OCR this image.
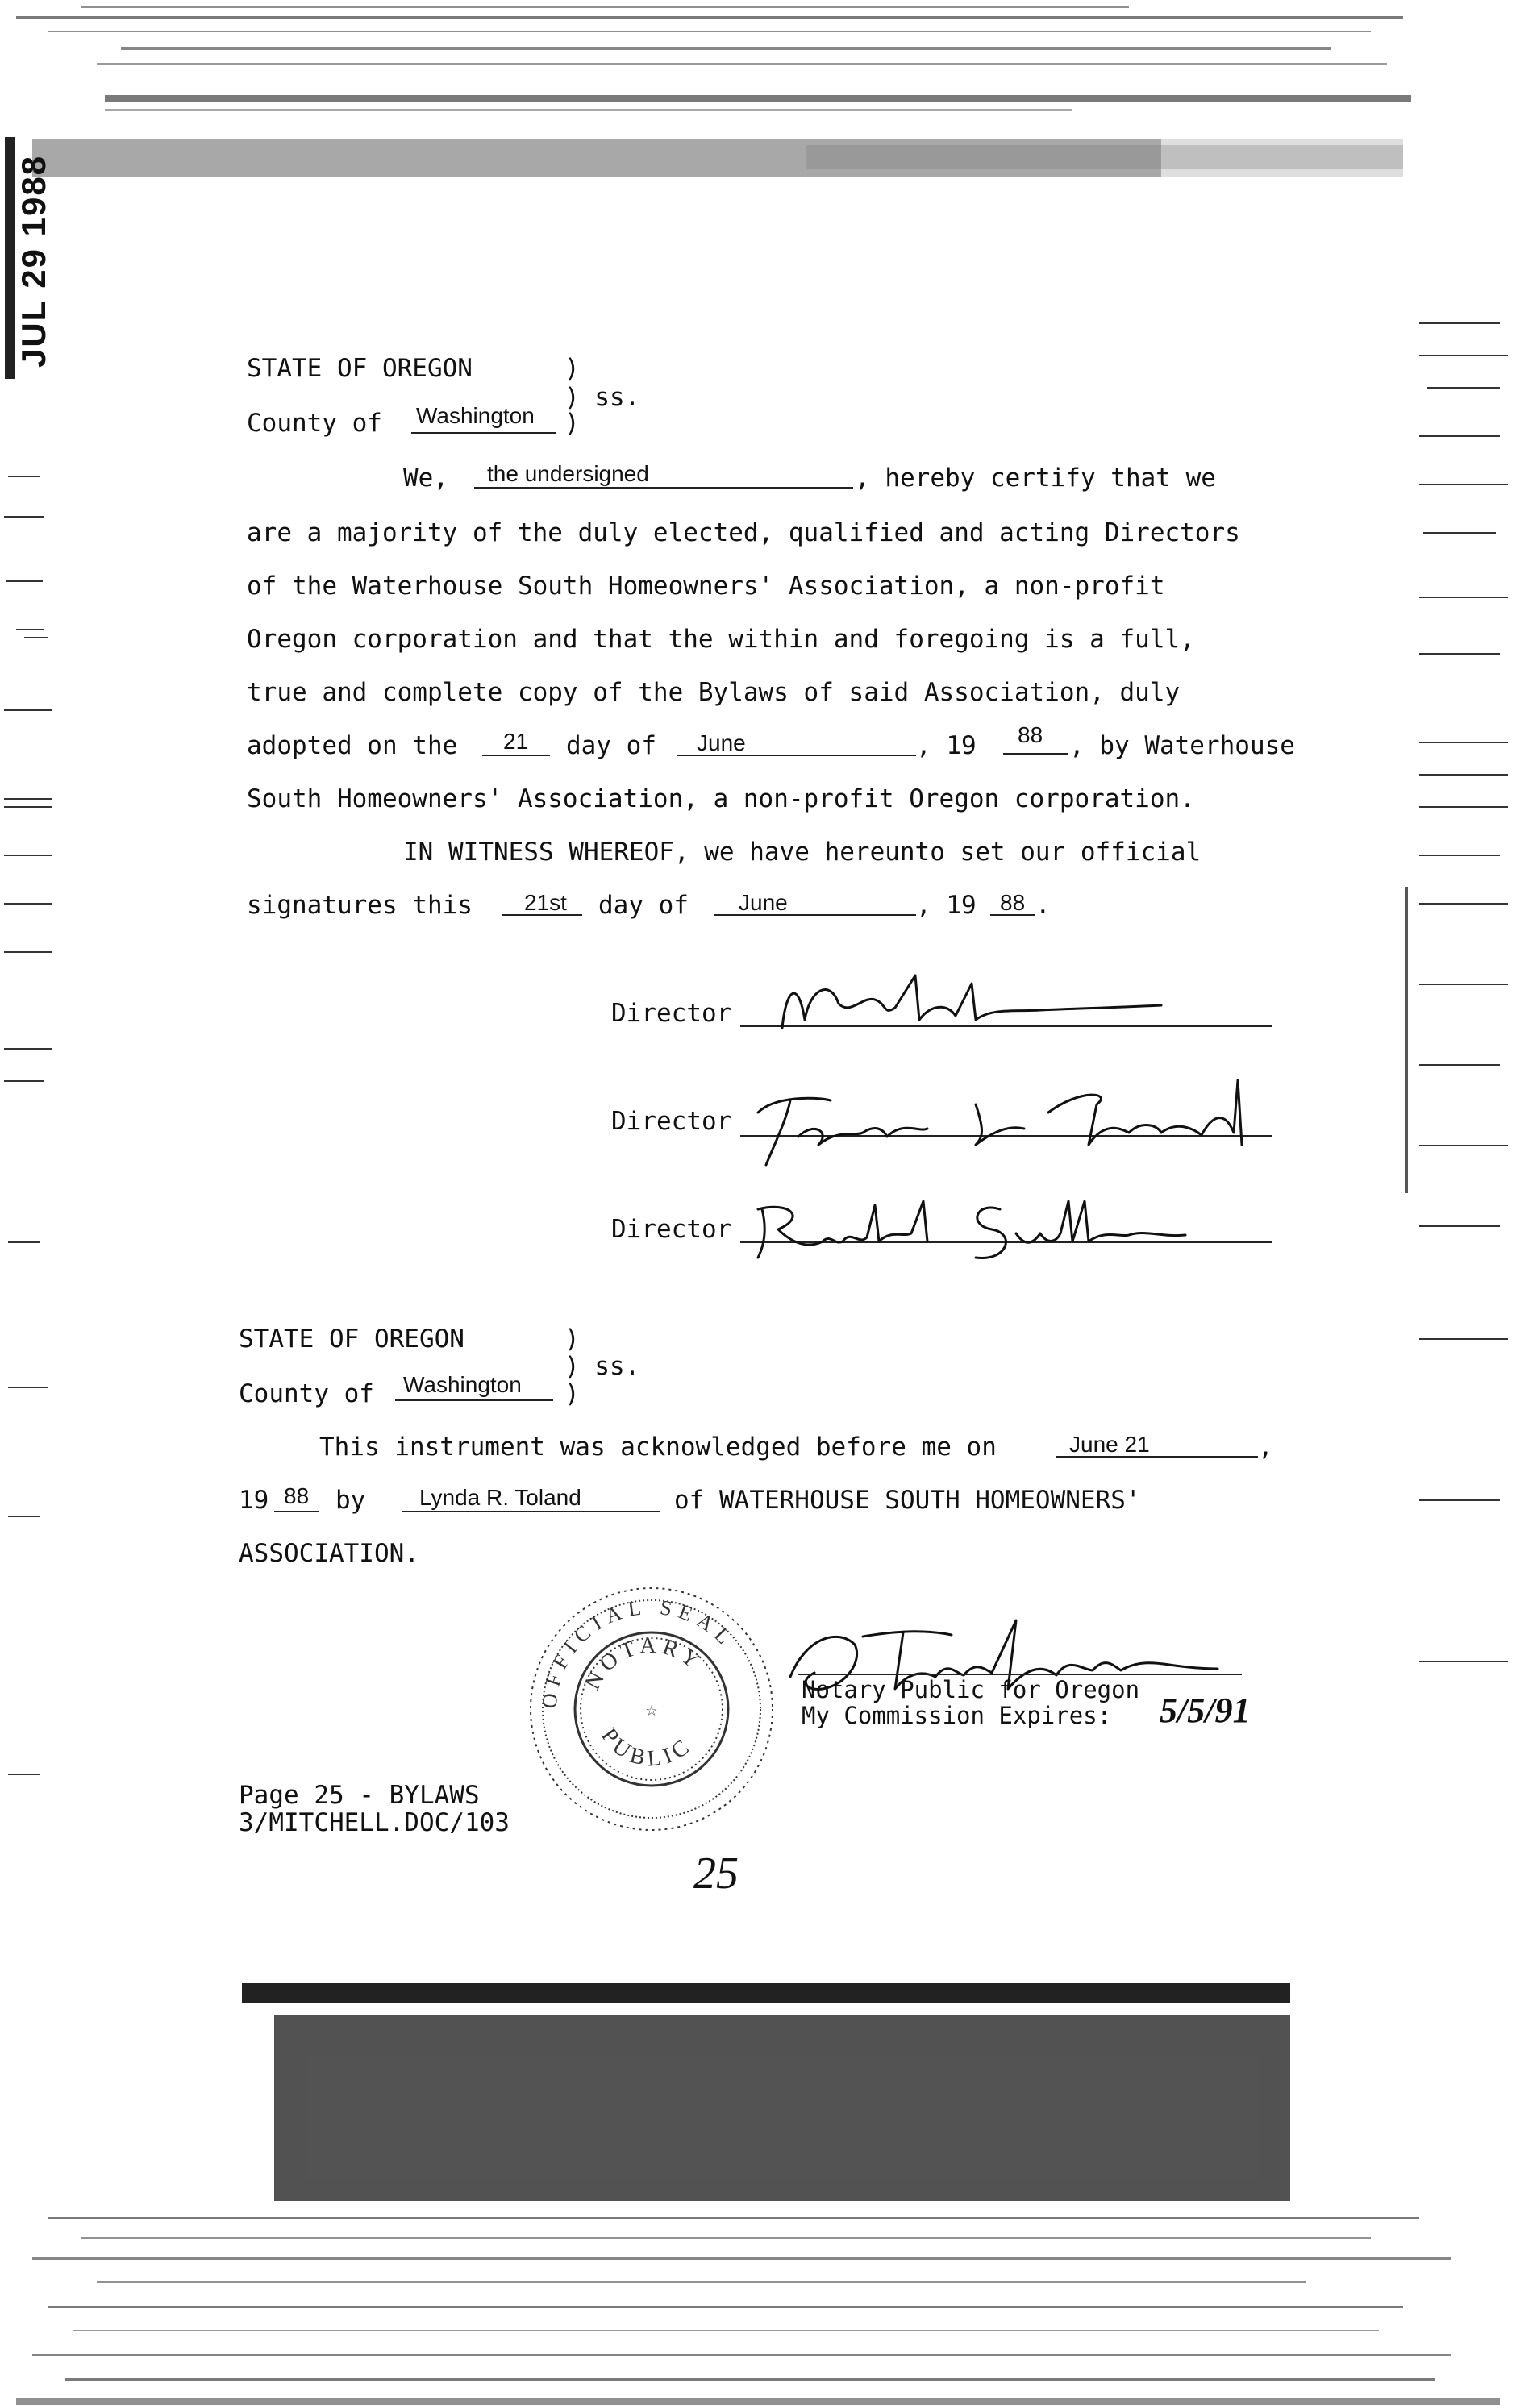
JUL 29 1988
STATE OF OREGON	)
) ss.
)
County of Washington
We, the undersigned	, hereby certify that we
are a majority of the duly elected, qualified and acting Directors
of the Waterhouse South Homeowners' Association, a non-profit
Oregon corporation and that the within and foregoing is a full,
true and complete copy of the Bylaws of said Association, duly
adopted on the 21 day of June	, 19 88 , by Waterhouse
South Homeowners' Association, a non-profit Oregon corporation.
IN WITNESS WHEREOF, we have hereunto set our official
signatures this 21st day of June	, 19 88 .
Director
Director
Director
STATE OF OREGON	)
) ss.
)
County of Washington
This instrument was acknowledged before me on	June 21	,
19 88 by Lynda R. Toland	of WATERHOUSE SOUTH HOMEOWNERS'
ASSOCIATION.
OFFICIAL SEAL
NOTARY
PUBLIC
☆
Notary Public for Oregon
My Commission Expires: 5/5/91
Page 25 - BYLAWS
3/MITCHELL.DOC/103
25
